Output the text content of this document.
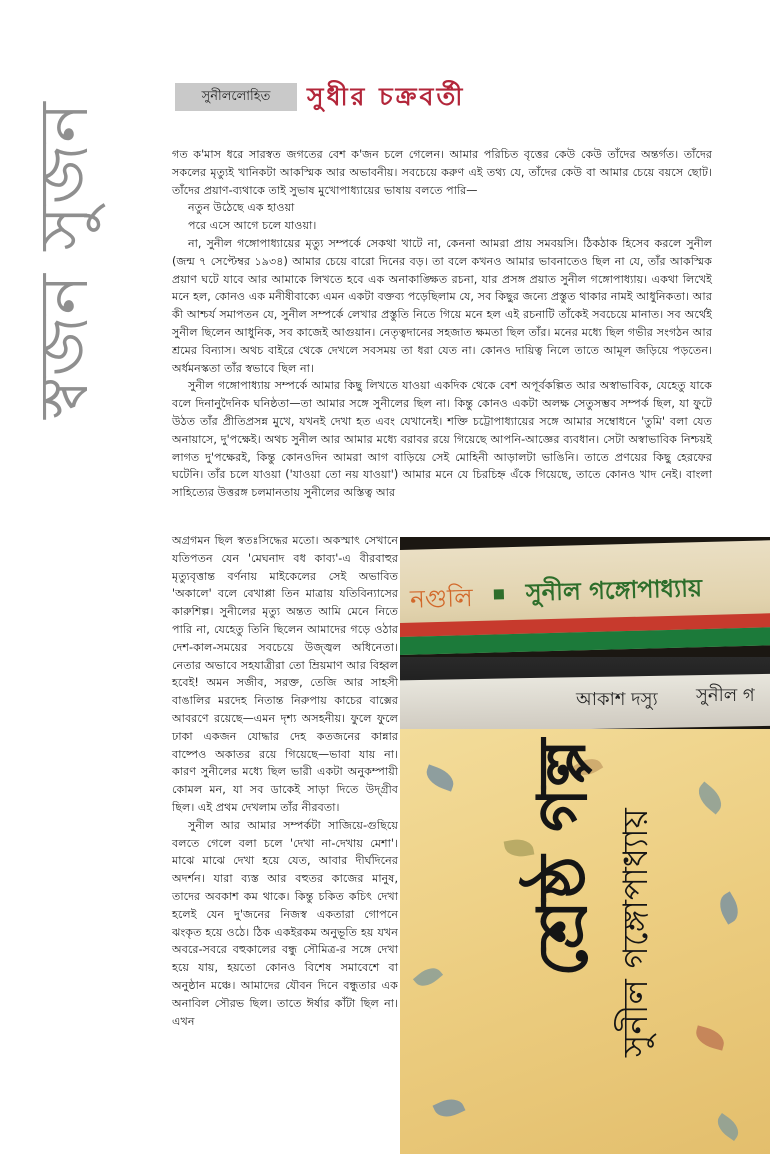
স্বজন সুজন
সুনীললোহিত সুধীর চক্রবর্তী

গত ক'মাস ধরে সারস্বত জগতের বেশ ক'জন চলে গেলেন। আমার পরিচিত বৃত্তের কেউ কেউ তাঁদের অন্তর্গত। তাঁদের সকলের মৃত্যুই খানিকটা আকস্মিক আর অভাবনীয়। সবচেয়ে করুণ এই তথ্য যে, তাঁদের কেউ বা আমার চেয়ে বয়সে ছোট। তাঁদের প্রয়াণ-ব্যথাকে তাই সুভাষ মুখোপাধ্যায়ের ভাষায় বলতে পারি—

নতুন উঠেছে এক হাওয়া

পরে এসে আগে চলে যাওয়া।

না, সুনীল গঙ্গোপাধ্যায়ের মৃত্যু সম্পর্কে সেকথা খাটে না, কেননা আমরা প্রায় সমবয়সি। ঠিকঠাক হিসেব করলে সুনীল (জন্ম ৭ সেপ্টেম্বর ১৯৩৪) আমার চেয়ে বারো দিনের বড়। তা বলে কখনও আমার ভাবনাতেও ছিল না যে, তাঁর আকস্মিক প্রয়াণ ঘটে যাবে আর আমাকে লিখতে হবে এক অনাকাঙ্ক্ষিত রচনা, যার প্রসঙ্গ প্রয়াত সুনীল গঙ্গোপাধ্যায়। একথা লিখেই মনে হল, কোনও এক মনীষীবাক্যে এমন একটা বক্তব্য পড়েছিলাম যে, সব কিছুর জন্যে প্রস্তুত থাকার নামই আধুনিকতা। আর কী আশ্চর্য সমাপতন যে, সুনীল সম্পর্কে লেখার প্রস্তুতি নিতে গিয়ে মনে হল এই রচনাটি তাঁকেই সবচেয়ে মানাত। সব অর্থেই সুনীল ছিলেন আধুনিক, সব কাজেই আগুয়ান। নেতৃত্বদানের সহজাত ক্ষমতা ছিল তাঁর। মনের মধ্যে ছিল গভীর সংগঠন আর শ্রমের বিন্যাস। অথচ বাইরে থেকে দেখলে সবসময় তা ধরা যেত না। কোনও দায়িত্ব নিলে তাতে আমূল জড়িয়ে পড়তেন। অর্ধমনস্কতা তাঁর স্বভাবে ছিল না।

সুনীল গঙ্গোপাধ্যায় সম্পর্কে আমার কিছু লিখতে যাওয়া একদিক থেকে বেশ অপূর্বকল্পিত আর অস্বাভাবিক, যেহেতু যাকে বলে দিনানুদৈনিক ঘনিষ্ঠতা—তা আমার সঙ্গে সুনীলের ছিল না। কিন্তু কোনও একটা অলক্ষ সেতুসম্ভব সম্পর্ক ছিল, যা ফুটে উঠত তাঁর প্রীতিপ্রসন্ন মুখে, যখনই দেখা হত এবং যেখানেই। শক্তি চট্টোপাধ্যায়ের সঙ্গে আমার সম্বোধনে 'তুমি' বলা যেত অনায়াসে, দু'পক্ষেই। অথচ সুনীল আর আমার মধ্যে বরাবর রয়ে গিয়েছে আপনি-আজ্ঞের ব্যবধান। সেটা অস্বাভাবিক নিশ্চয়ই লাগত দু'পক্ষেরই, কিন্তু কোনওদিন আমরা আগ বাড়িয়ে সেই মোহিনী আড়ালটা ভাঙিনি। তাতে প্রণয়ের কিছু হেরফের ঘটেনি। তাঁর চলে যাওয়া ('যাওয়া তো নয় যাওয়া') আমার মনে যে চিরচিহ্ন এঁকে গিয়েছে, তাতে কোনও খাদ নেই। বাংলা সাহিত্যের উত্তরঙ্গ চলমানতায় সুনীলের অস্তিত্ব আর

অগ্রগমন ছিল স্বতঃসিদ্ধের মতো। অকস্মাৎ সেখানে যতিপতন যেন 'মেঘনাদ বধ কাব্য'-এ বীরবাহুর মৃত্যুবৃত্তান্ত বর্ণনায় মাইকেলের সেই অভাবিত 'অকালে' বলে বেখাপ্পা তিন মাত্রায় যতিবিন্যাসের কারুশিল্প। সুনীলের মৃত্যু অন্তত আমি মেনে নিতে পারি না, যেহেতু তিনি ছিলেন আমাদের গড়ে ওঠার দেশ-কাল-সময়ের সবচেয়ে উজ্জ্বল অধিনেতা। নেতার অভাবে সহযাত্রীরা তো ম্রিয়মাণ আর বিহ্বল হবেই! অমন সজীব, সরক্ত, তেজি আর সাহসী বাঙালির মরদেহ নিতান্ত নিরুপায় কাচের বাক্সের আবরণে রয়েছে—এমন দৃশ্য অসহনীয়। ফুলে ফুলে ঢাকা একজন যোদ্ধার দেহ কতজনের কান্নার বাষ্পেও অকাতর রয়ে গিয়েছে—ভাবা যায় না। কারণ সুনীলের মধ্যে ছিল ভারী একটা অনুকম্পায়ী কোমল মন, যা সব ডাকেই সাড়া দিতে উদ্গ্রীব ছিল। এই প্রথম দেখলাম তাঁর নীরবতা।

সুনীল আর আমার সম্পর্কটা সাজিয়ে-গুছিয়ে বলতে গেলে বলা চলে 'দেখা না-দেখায় মেশা'। মাঝে মাঝে দেখা হয়ে যেত, আবার দীর্ঘদিনের অদর্শন। যারা ব্যস্ত আর বহুতর কাজের মানুষ, তাদের অবকাশ কম থাকে। কিন্তু চকিত কচিৎ দেখা হলেই যেন দু'জনের নিজস্ব একতারা গোপনে ঝংকৃত হয়ে ওঠে। ঠিক একইরকম অনুভূতি হয় যখন অবরে-সবরে বহুকালের বন্ধু সৌমিত্র-র সঙ্গে দেখা হয়ে যায়, হয়তো কোনও বিশেষ সমাবেশে বা অনুষ্ঠান মঞ্চে। আমাদের যৌবন দিনে বন্ধুতার এক অনাবিল সৌরভ ছিল। তাতে ঈর্ষার কাঁটা ছিল না। এখন

নগুলি সুনীল গঙ্গোপাধ্যায়
আকাশ দস্যু সুনীল গ
শ্রেষ্ঠ গল্প সুনীল গঙ্গোপাধ্যায়
